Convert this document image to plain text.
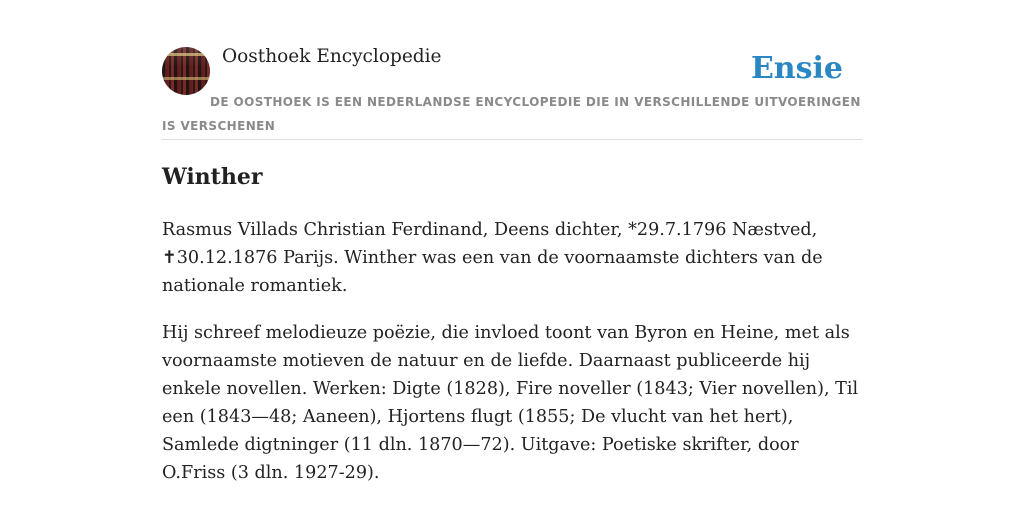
Oosthoek Encyclopedie	Ensie
DE OOSTHOEK IS EEN NEDERLANDSE ENCYCLOPEDIE DIE IN VERSCHILLENDE UITVOERINGEN IS VERSCHENEN
Winther

Rasmus Villads Christian Ferdinand, Deens dichter, *29.7.1796 Næstved, ✝30.12.1876 Parijs. Winther was een van de voornaamste dichters van de nationale romantiek.

Hij schreef melodieuze poëzie, die invloed toont van Byron en Heine, met als voornaamste motieven de natuur en de liefde. Daarnaast publiceerde hij enkele novellen. Werken: Digte (1828), Fire noveller (1843; Vier novellen), Til een (1843—48; Aaneen), Hjortens flugt (1855; De vlucht van het hert), Samlede digtninger (11 dln. 1870—72). Uitgave: Poetiske skrifter, door O.Friss (3 dln. 1927-29).
